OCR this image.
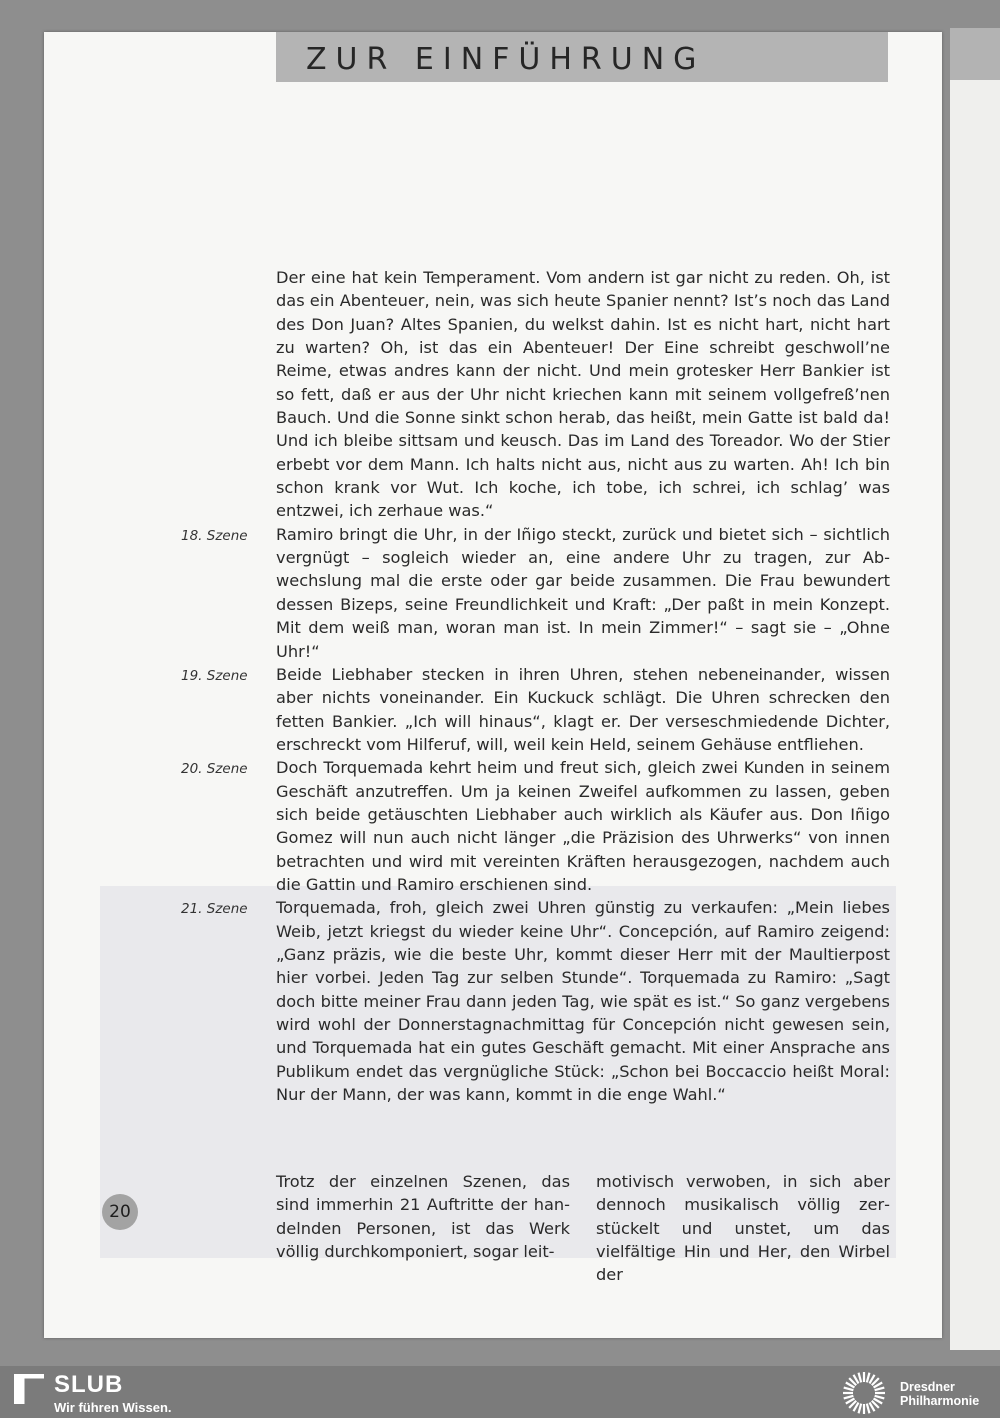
ZUR EINFÜHRUNG
Der eine hat kein Temperament. Vom andern ist gar nicht zu reden. Oh, ist das ein Abenteuer, nein, was sich heute Spanier nennt? Ist’s noch das Land des Don Juan? Altes Spanien, du welkst dahin. Ist es nicht hart, nicht hart zu warten? Oh, ist das ein Abenteuer! Der Eine schreibt geschwoll’ne Reime, etwas andres kann der nicht. Und mein grotesker Herr Bankier ist so fett, daß er aus der Uhr nicht kriechen kann mit seinem vollgefreß’nen Bauch. Und die Sonne sinkt schon herab, das heißt, mein Gatte ist bald da! Und ich bleibe sittsam und keusch. Das im Land des Toreador. Wo der Stier erbebt vor dem Mann. Ich halts nicht aus, nicht aus zu warten. Ah! Ich bin schon krank vor Wut. Ich koche, ich tobe, ich schrei, ich schlag’ was entzwei, ich zerhaue was.“
18. Szene Ramiro bringt die Uhr, in der Iñigo steckt, zurück und bietet sich – sichtlich vergnügt – sogleich wieder an, eine andere Uhr zu tragen, zur Abwechslung mal die erste oder gar beide zusammen. Die Frau bewundert dessen Bizeps, seine Freundlichkeit und Kraft: „Der paßt in mein Konzept. Mit dem weiß man, woran man ist. In mein Zimmer!“ – sagt sie – „Ohne Uhr!“
19. Szene Beide Liebhaber stecken in ihren Uhren, stehen nebeneinander, wissen aber nichts voneinander. Ein Kuckuck schlägt. Die Uhren schrecken den fetten Bankier. „Ich will hinaus“, klagt er. Der verseschmiedende Dichter, erschreckt vom Hilferuf, will, weil kein Held, seinem Gehäuse entfliehen.
20. Szene Doch Torquemada kehrt heim und freut sich, gleich zwei Kunden in seinem Geschäft anzutreffen. Um ja keinen Zweifel aufkommen zu lassen, geben sich beide getäuschten Liebhaber auch wirklich als Käufer aus. Don Iñigo Gomez will nun auch nicht länger „die Präzision des Uhrwerks“ von innen betrachten und wird mit vereinten Kräften herausgezogen, nachdem auch die Gattin und Ramiro erschienen sind.
21. Szene Torquemada, froh, gleich zwei Uhren günstig zu verkaufen: „Mein liebes Weib, jetzt kriegst du wieder keine Uhr“. Concepción, auf Ramiro zeigend: „Ganz präzis, wie die beste Uhr, kommt dieser Herr mit der Maultierpost hier vorbei. Jeden Tag zur selben Stunde“. Torquemada zu Ramiro: „Sagt doch bitte meiner Frau dann jeden Tag, wie spät es ist.“ So ganz vergebens wird wohl der Donnerstagnachmittag für Concepción nicht gewesen sein, und Torquemada hat ein gutes Geschäft gemacht. Mit einer Ansprache ans Publikum endet das vergnügliche Stück: „Schon bei Boccaccio heißt Moral: Nur der Mann, der was kann, kommt in die enge Wahl.“
Trotz der einzelnen Szenen, das sind immerhin 21 Auftritte der handelnden Personen, ist das Werk völlig durchkomponiert, sogar leit-
motivisch verwoben, in sich aber dennoch musikalisch völlig zerstückelt und unstet, um das vielfältige Hin und Her, den Wirbel der
20
SLUB
Wir führen Wissen.
Dresdner
Philharmonie
